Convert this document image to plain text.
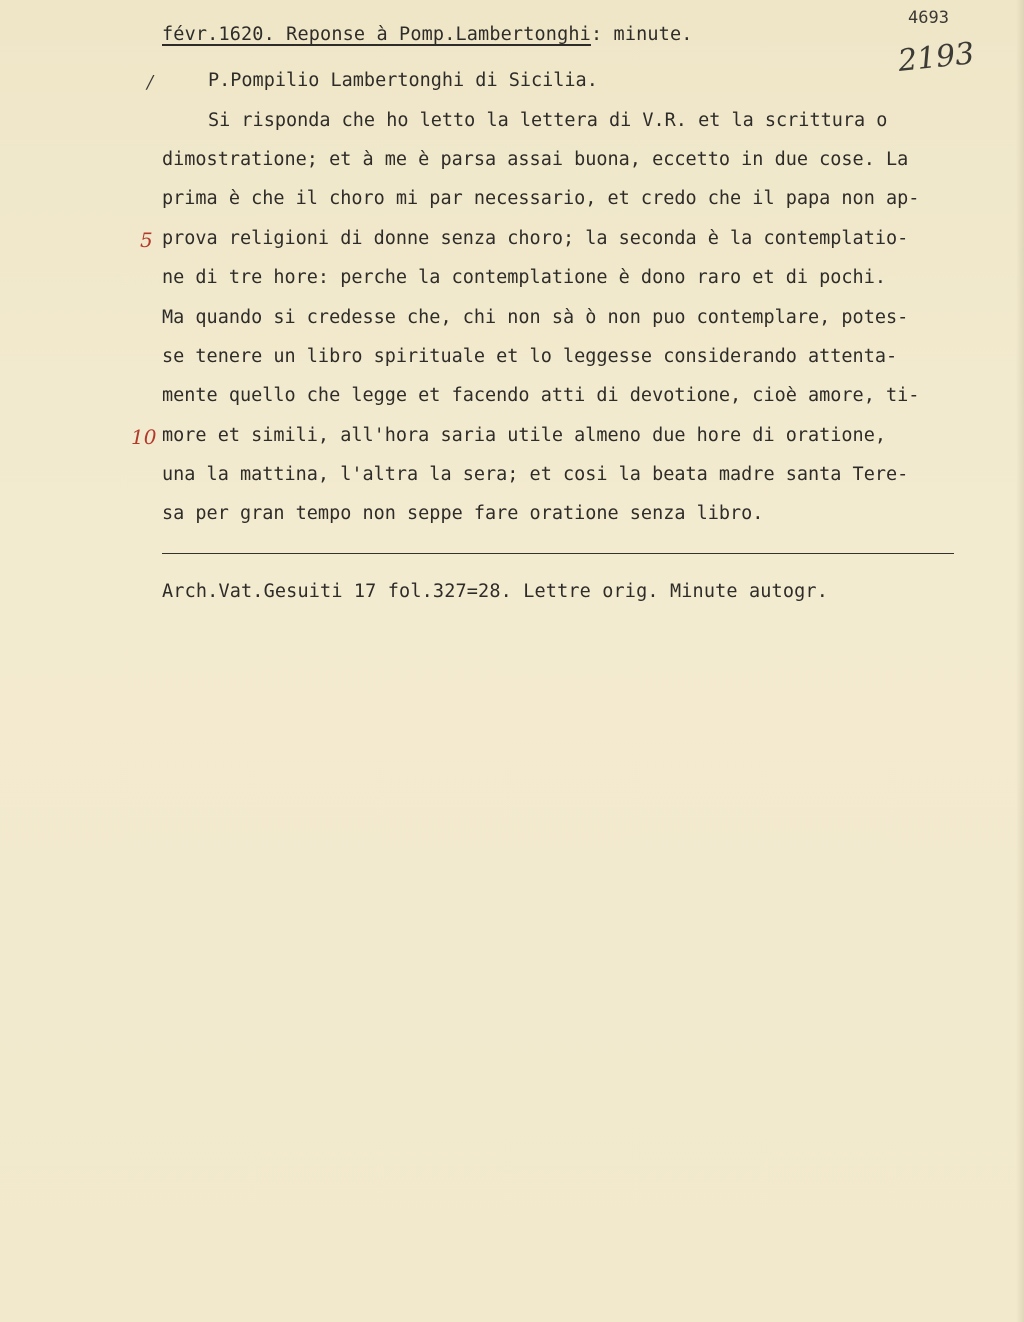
févr.1620. Reponse à Pomp.Lambertonghi: minute.
4693
2193
/
5
10
P.Pompilio Lambertonghi di Sicilia.
Si risponda che ho letto la lettera di V.R. et la scrittura o
dimostratione; et à me è parsa assai buona, eccetto in due cose. La
prima è che il choro mi par necessario, et credo che il papa non ap-
prova religioni di donne senza choro; la seconda è la contemplatio-
ne di tre hore: perche la contemplatione è dono raro et di pochi.
Ma quando si credesse che, chi non sà ò non puo contemplare, potes-
se tenere un libro spirituale et lo leggesse considerando attenta-
mente quello che legge et facendo atti di devotione, cioè amore, ti-
more et simili, all'hora saria utile almeno due hore di oratione,
una la mattina, l'altra la sera; et cosi la beata madre santa Tere-
sa per gran tempo non seppe fare oratione senza libro.
Arch.Vat.Gesuiti 17 fol.327=28. Lettre orig. Minute autogr.
